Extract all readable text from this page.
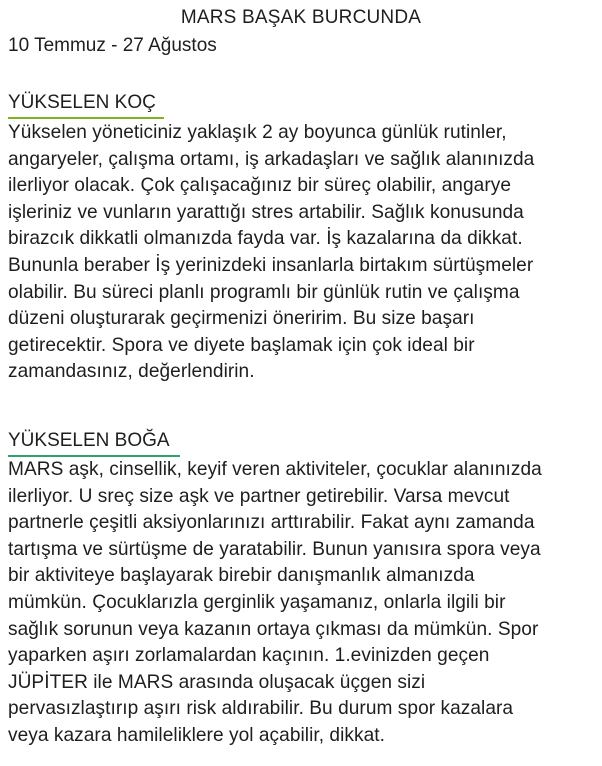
MARS BAŞAK BURCUNDA
10 Temmuz - 27 Ağustos
YÜKSELEN KOÇ

Yükselen yöneticiniz yaklaşık 2 ay boyunca günlük rutinler,
angaryeler, çalışma ortamı, iş arkadaşları ve sağlık alanınızda
ilerliyor olacak. Çok çalışacağınız bir süreç olabilir, angarye
işleriniz ve vunların yarattığı stres artabilir. Sağlık konusunda
birazcık dikkatli olmanızda fayda var. İş kazalarına da dikkat.
Bununla beraber İş yerinizdeki insanlarla birtakım sürtüşmeler
olabilir. Bu süreci planlı programlı bir günlük rutin ve çalışma
düzeni oluşturarak geçirmenizi öneririm. Bu size başarı
getirecektir. Spora ve diyete başlamak için çok ideal bir
zamandasınız, değerlendirin.

YÜKSELEN BOĞA

MARS aşk, cinsellik, keyif veren aktiviteler, çocuklar alanınızda
ilerliyor. U sreç size aşk ve partner getirebilir. Varsa mevcut
partnerle çeşitli aksiyonlarınızı arttırabilir. Fakat aynı zamanda
tartışma ve sürtüşme de yaratabilir. Bunun yanısıra spora veya
bir aktiviteye başlayarak birebir danışmanlık almanızda
mümkün. Çocuklarızla gerginlik yaşamanız, onlarla ilgili bir
sağlık sorunun veya kazanın ortaya çıkması da mümkün. Spor
yaparken aşırı zorlamalardan kaçının. 1.evinizden geçen
JÜPİTER ile MARS arasında oluşacak üçgen sizi
pervasızlaştırıp aşırı risk aldırabilir. Bu durum spor kazalara
veya kazara hamileliklere yol açabilir, dikkat.
